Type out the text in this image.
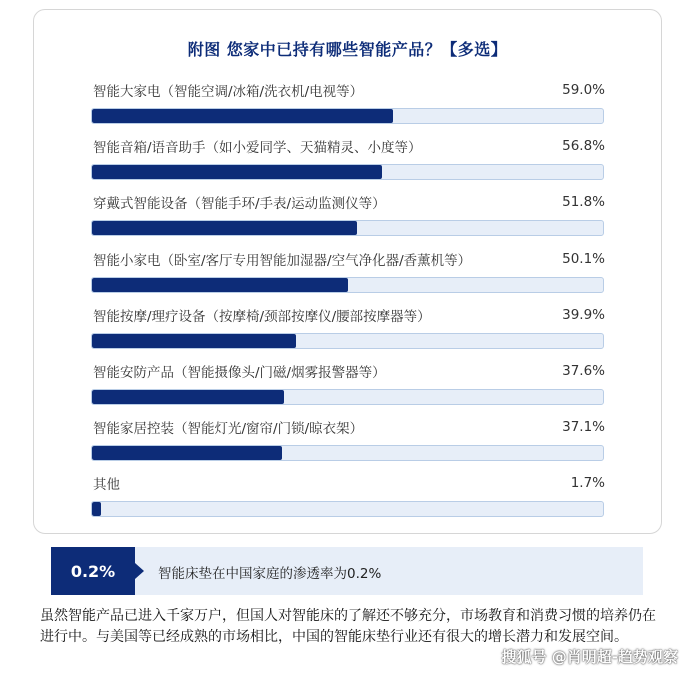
附图 您家中已持有哪些智能产品？【多选】
智能大家电（智能空调/冰箱/洗衣机/电视等）	59.0%
智能音箱/语音助手（如小爱同学、天猫精灵、小度等）	56.8%
穿戴式智能设备（智能手环/手表/运动监测仪等）	51.8%
智能小家电（卧室/客厅专用智能加湿器/空气净化器/香薰机等）	50.1%
智能按摩/理疗设备（按摩椅/颈部按摩仪/腰部按摩器等）	39.9%
智能安防产品（智能摄像头/门磁/烟雾报警器等）	37.6%
智能家居控装（智能灯光/窗帘/门锁/晾衣架）	37.1%
其他	1.7%
0.2%	智能床垫在中国家庭的渗透率为0.2%
虽然智能产品已进入千家万户，但国人对智能床的了解还不够充分，市场教育和消费习惯的培养仍在进行中。与美国等已经成熟的市场相比，中国的智能床垫行业还有很大的增长潜力和发展空间。
搜狐号 @肖明超-趋势观察
